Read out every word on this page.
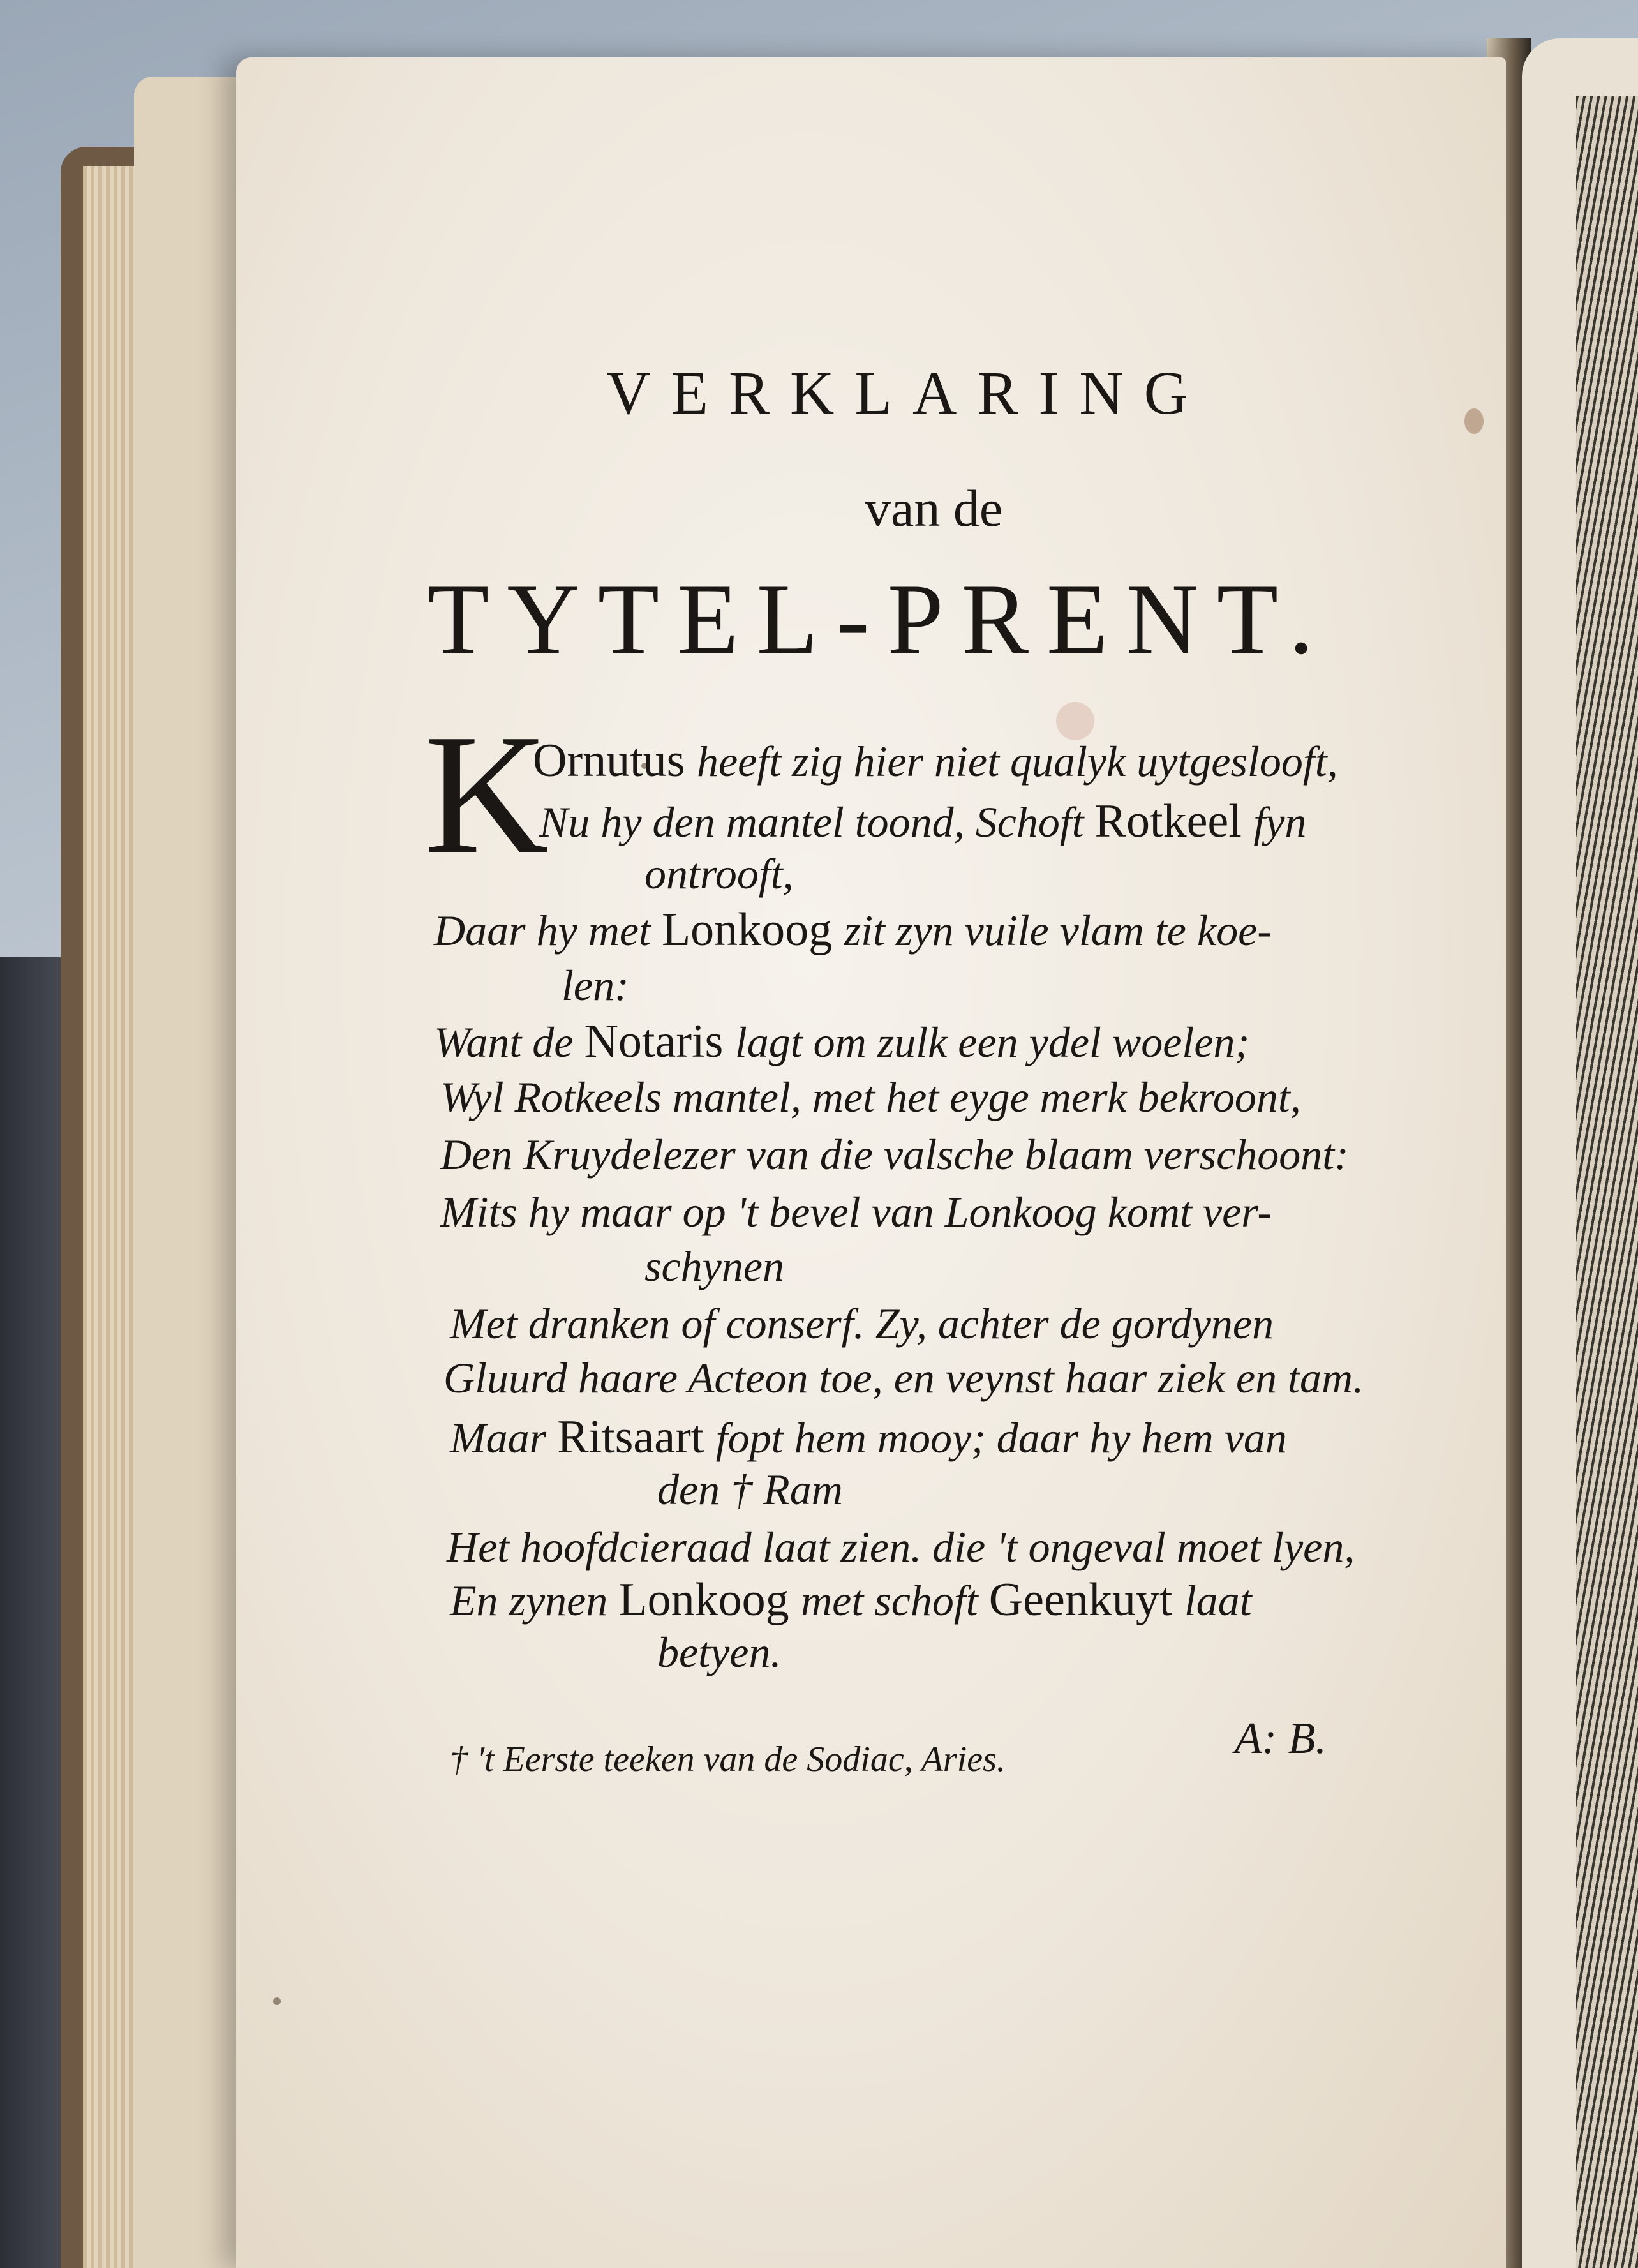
VERKLARING
van de
TYTEL-PRENT.
K
Ornutus heeft zig hier niet qualyk uytgeslooft,
Nu hy den mantel toond, Schoft Rotkeel fyn
ontrooft,
Daar hy met Lonkoog zit zyn vuile vlam te koe-
len:
Want de Notaris lagt om zulk een ydel woelen;
Wyl Rotkeels mantel, met het eyge merk bekroont,
Den Kruydelezer van die valsche blaam verschoont:
Mits hy maar op 't bevel van Lonkoog komt ver-
schynen
Met dranken of conserf. Zy, achter de gordynen
Gluurd haare Acteon toe, en veynst haar ziek en tam.
Maar Ritsaart fopt hem mooy; daar hy hem van
den † Ram
Het hoofdcieraad laat zien. die 't ongeval moet lyen,
En zynen Lonkoog met schoft Geenkuyt laat
betyen.
A: B.
† 't Eerste teeken van de Sodiac, Aries.
